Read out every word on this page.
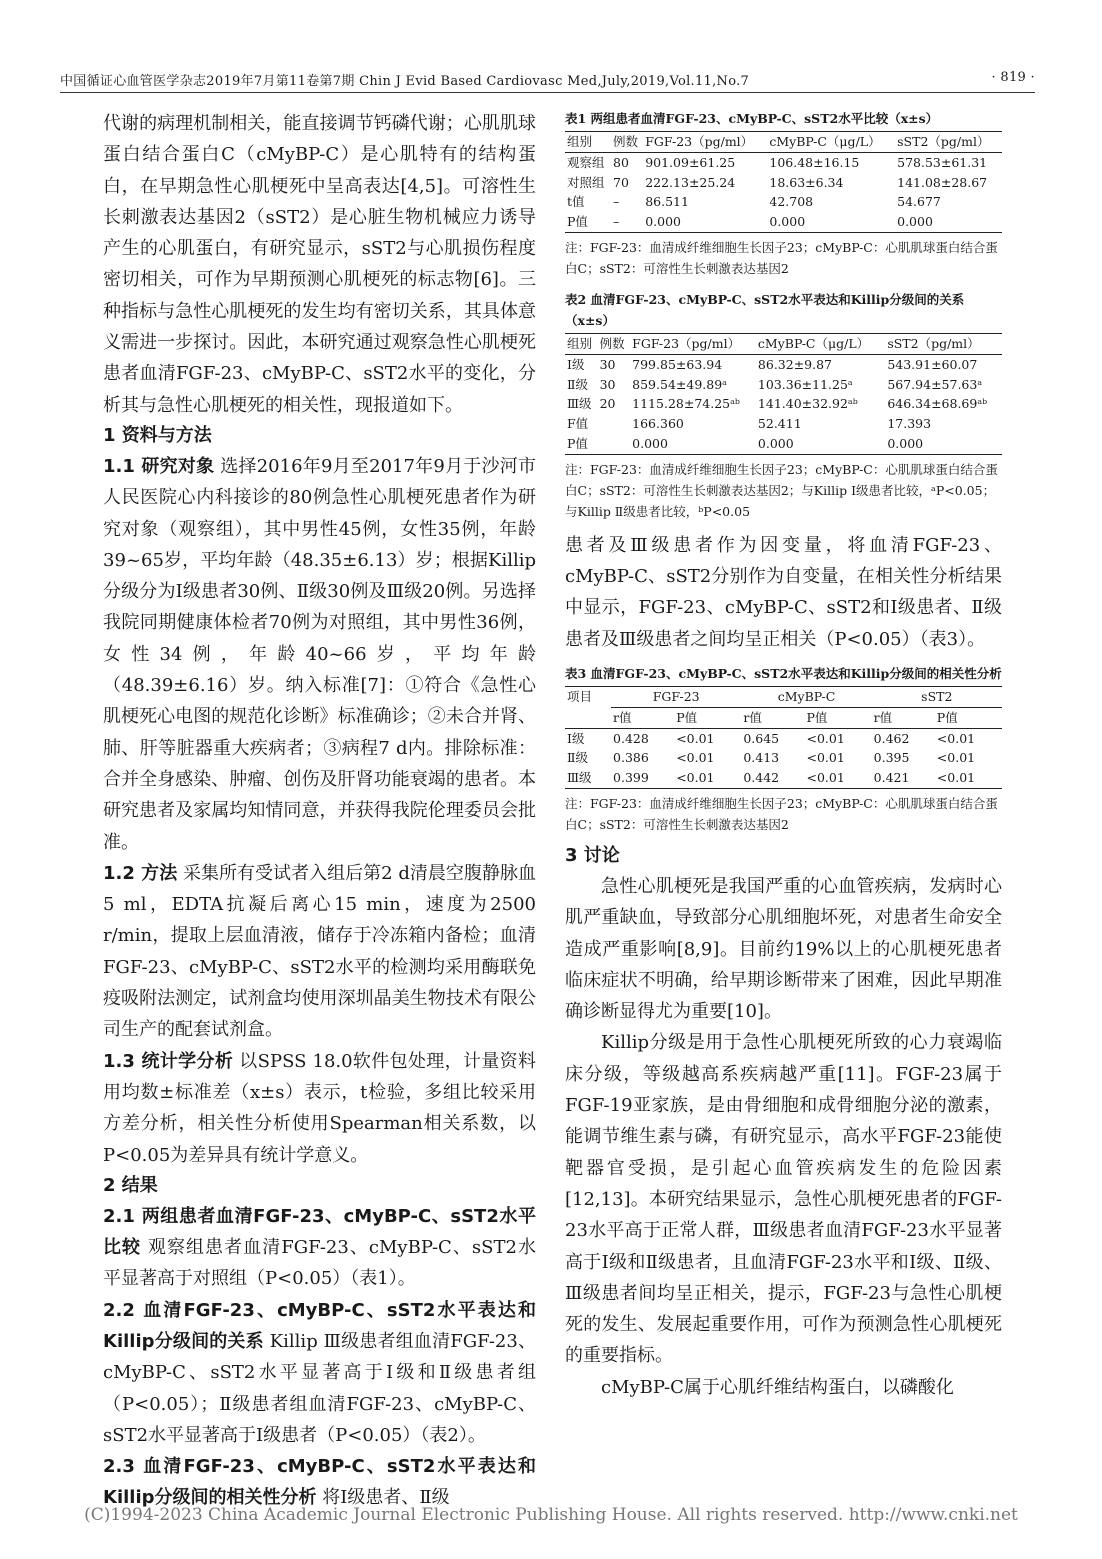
中国循证心血管医学杂志2019年7月第11卷第7期 Chin J Evid Based Cardiovasc Med,July,2019,Vol.11,No.7	· 819 ·

代谢的病理机制相关，能直接调节钙磷代谢；心肌肌球蛋白结合蛋白C（cMyBP-C）是心肌特有的结构蛋白，在早期急性心肌梗死中呈高表达[4,5]。可溶性生长刺激表达基因2（sST2）是心脏生物机械应力诱导产生的心肌蛋白，有研究显示，sST2与心肌损伤程度密切相关，可作为早期预测心肌梗死的标志物[6]。三种指标与急性心肌梗死的发生均有密切关系，其具体意义需进一步探讨。因此，本研究通过观察急性心肌梗死患者血清FGF-23、cMyBP-C、sST2水平的变化，分析其与急性心肌梗死的相关性，现报道如下。

1 资料与方法

1.1 研究对象 选择2016年9月至2017年9月于沙河市人民医院心内科接诊的80例急性心肌梗死患者作为研究对象（观察组），其中男性45例，女性35例，年龄39~65岁，平均年龄（48.35±6.13）岁；根据Killip分级分为Ⅰ级患者30例、Ⅱ级30例及Ⅲ级20例。另选择我院同期健康体检者70例为对照组，其中男性36例，女性34例，年龄40~66岁，平均年龄（48.39±6.16）岁。纳入标准[7]：①符合《急性心肌梗死心电图的规范化诊断》标准确诊；②未合并肾、肺、肝等脏器重大疾病者；③病程7 d内。排除标准：合并全身感染、肿瘤、创伤及肝肾功能衰竭的患者。本研究患者及家属均知情同意，并获得我院伦理委员会批准。

1.2 方法 采集所有受试者入组后第2 d清晨空腹静脉血5 ml，EDTA抗凝后离心15 min，速度为2500 r/min，提取上层血清液，储存于冷冻箱内备检；血清FGF-23、cMyBP-C、sST2水平的检测均采用酶联免疫吸附法测定，试剂盒均使用深圳晶美生物技术有限公司生产的配套试剂盒。

1.3 统计学分析 以SPSS 18.0软件包处理，计量资料用均数±标准差（x±s）表示，t检验，多组比较采用方差分析，相关性分析使用Spearman相关系数，以P<0.05为差异具有统计学意义。

2 结果

2.1 两组患者血清FGF-23、cMyBP-C、sST2水平比较 观察组患者血清FGF-23、cMyBP-C、sST2水平显著高于对照组（P<0.05）（表1）。

2.2 血清FGF-23、cMyBP-C、sST2水平表达和Killip分级间的关系 Killip Ⅲ级患者组血清FGF-23、cMyBP-C、sST2水平显著高于Ⅰ级和Ⅱ级患者组（P<0.05）；Ⅱ级患者组血清FGF-23、cMyBP-C、sST2水平显著高于Ⅰ级患者（P<0.05）（表2）。

2.3 血清FGF-23、cMyBP-C、sST2水平表达和Killip分级间的相关性分析 将Ⅰ级患者、Ⅱ级

表1 两组患者血清FGF-23、cMyBP-C、sST2水平比较（x±s）

组别	例数	FGF-23（pg/ml）	cMyBP-C（μg/L）	sST2（pg/ml）
观察组	80	901.09±61.25	106.48±16.15	578.53±61.31
对照组	70	222.13±25.24	18.63±6.34	141.08±28.67
t值	–	86.511	42.708	54.677
P值	–	0.000	0.000	0.000

注：FGF-23：血清成纤维细胞生长因子23；cMyBP-C：心肌肌球蛋白结合蛋白C；sST2：可溶性生长刺激表达基因2

表2 血清FGF-23、cMyBP-C、sST2水平表达和Killip分级间的关系（x±s）

组别	例数	FGF-23（pg/ml）	cMyBP-C（μg/L）	sST2（pg/ml）
Ⅰ级	30	799.85±63.94	86.32±9.87	543.91±60.07
Ⅱ级	30	859.54±49.89ᵃ	103.36±11.25ᵃ	567.94±57.63ᵃ
Ⅲ级	20	1115.28±74.25ᵃᵇ	141.40±32.92ᵃᵇ	646.34±68.69ᵃᵇ
F值		166.360	52.411	17.393
P值		0.000	0.000	0.000

注：FGF-23：血清成纤维细胞生长因子23；cMyBP-C：心肌肌球蛋白结合蛋白C；sST2：可溶性生长刺激表达基因2；与Killip Ⅰ级患者比较，ᵃP<0.05；与Killip Ⅱ级患者比较，ᵇP<0.05

患者及Ⅲ级患者作为因变量，将血清FGF-23、cMyBP-C、sST2分别作为自变量，在相关性分析结果中显示，FGF-23、cMyBP-C、sST2和Ⅰ级患者、Ⅱ级患者及Ⅲ级患者之间均呈正相关（P<0.05）（表3）。

表3 血清FGF-23、cMyBP-C、sST2水平表达和Killip分级间的相关性分析

项目	FGF-23		cMyBP-C		sST2	
	r值	P值	r值	P值	r值	P值
Ⅰ级	0.428	<0.01	0.645	<0.01	0.462	<0.01
Ⅱ级	0.386	<0.01	0.413	<0.01	0.395	<0.01
Ⅲ级	0.399	<0.01	0.442	<0.01	0.421	<0.01

注：FGF-23：血清成纤维细胞生长因子23；cMyBP-C：心肌肌球蛋白结合蛋白C；sST2：可溶性生长刺激表达基因2

3 讨论

急性心肌梗死是我国严重的心血管疾病，发病时心肌严重缺血，导致部分心肌细胞坏死，对患者生命安全造成严重影响[8,9]。目前约19%以上的心肌梗死患者临床症状不明确，给早期诊断带来了困难，因此早期准确诊断显得尤为重要[10]。

Killip分级是用于急性心肌梗死所致的心力衰竭临床分级，等级越高系疾病越严重[11]。FGF-23属于FGF-19亚家族，是由骨细胞和成骨细胞分泌的激素，能调节维生素与磷，有研究显示，高水平FGF-23能使靶器官受损，是引起心血管疾病发生的危险因素[12,13]。本研究结果显示，急性心肌梗死患者的FGF-23水平高于正常人群，Ⅲ级患者血清FGF-23水平显著高于Ⅰ级和Ⅱ级患者，且血清FGF-23水平和Ⅰ级、Ⅱ级、Ⅲ级患者间均呈正相关，提示，FGF-23与急性心肌梗死的发生、发展起重要作用，可作为预测急性心肌梗死的重要指标。

cMyBP-C属于心肌纤维结构蛋白，以磷酸化

(C)1994-2023 China Academic Journal Electronic Publishing House. All rights reserved. http://www.cnki.net
